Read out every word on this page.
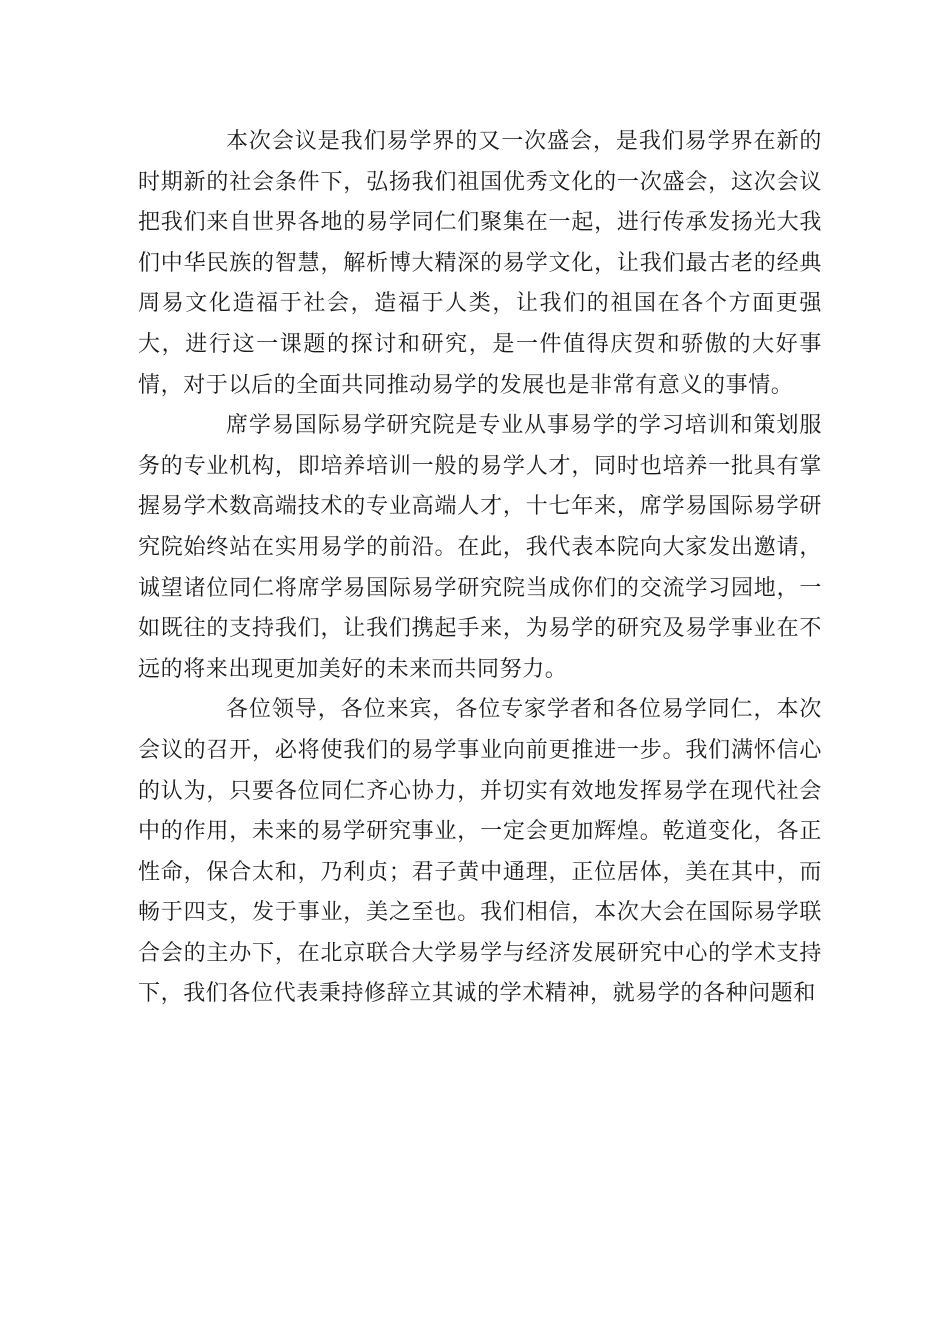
本次会议是我们易学界的又一次盛会，是我们易学界在新的时期新的社会条件下，弘扬我们祖国优秀文化的一次盛会，这次会议把我们来自世界各地的易学同仁们聚集在一起，进行传承发扬光大我们中华民族的智慧，解析博大精深的易学文化，让我们最古老的经典周易文化造福于社会，造福于人类，让我们的祖国在各个方面更强大，进行这一课题的探讨和研究，是一件值得庆贺和骄傲的大好事情，对于以后的全面共同推动易学的发展也是非常有意义的事情。

席学易国际易学研究院是专业从事易学的学习培训和策划服务的专业机构，即培养培训一般的易学人才，同时也培养一批具有掌握易学术数高端技术的专业高端人才，十七年来，席学易国际易学研究院始终站在实用易学的前沿。在此，我代表本院向大家发出邀请，诚望诸位同仁将席学易国际易学研究院当成你们的交流学习园地，一如既往的支持我们，让我们携起手来，为易学的研究及易学事业在不远的将来出现更加美好的未来而共同努力。

各位领导，各位来宾，各位专家学者和各位易学同仁，本次会议的召开，必将使我们的易学事业向前更推进一步。我们满怀信心的认为，只要各位同仁齐心协力，并切实有效地发挥易学在现代社会中的作用，未来的易学研究事业，一定会更加辉煌。乾道变化，各正性命，保合太和，乃利贞；君子黄中通理，正位居体，美在其中，而畅于四支，发于事业，美之至也。我们相信，本次大会在国际易学联合会的主办下，在北京联合大学易学与经济发展研究中心的学术支持下，我们各位代表秉持修辞立其诚的学术精神，就易学的各种问题和
